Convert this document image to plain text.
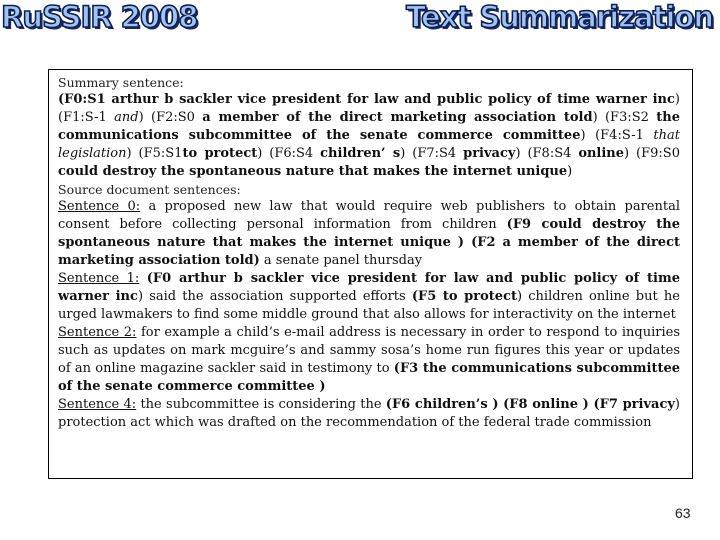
RuSSIR 2008	Text Summarization
Summary sentence:

(F0:S1 arthur b sackler vice president for law and public policy of time warner inc) (F1:S-1 and) (F2:S0 a member of the direct marketing association told) (F3:S2 the communications subcommittee of the senate commerce committee) (F4:S-1 that legislation) (F5:S1to protect) (F6:S4 children’ s) (F7:S4 privacy) (F8:S4 online) (F9:S0 could destroy the spontaneous nature that makes the internet unique)

Source document sentences:

Sentence 0: a proposed new law that would require web publishers to obtain parental consent before collecting personal information from children (F9 could destroy the spontaneous nature that makes the internet unique ) (F2 a member of the direct marketing association told) a senate panel thursday

Sentence 1: (F0 arthur b sackler vice president for law and public policy of time warner inc) said the association supported efforts (F5 to protect) children online but he urged lawmakers to find some middle ground that also allows for interactivity on the internet

Sentence 2: for example a child’s e-mail address is necessary in order to respond to inquiries such as updates on mark mcguire’s and sammy sosa’s home run figures this year or updates of an online magazine sackler said in testimony to (F3 the communications subcommittee of the senate commerce committee )

Sentence 4: the subcommittee is considering the (F6 children’s ) (F8 online ) (F7 privacy) protection act which was drafted on the recommendation of the federal trade commission

63
